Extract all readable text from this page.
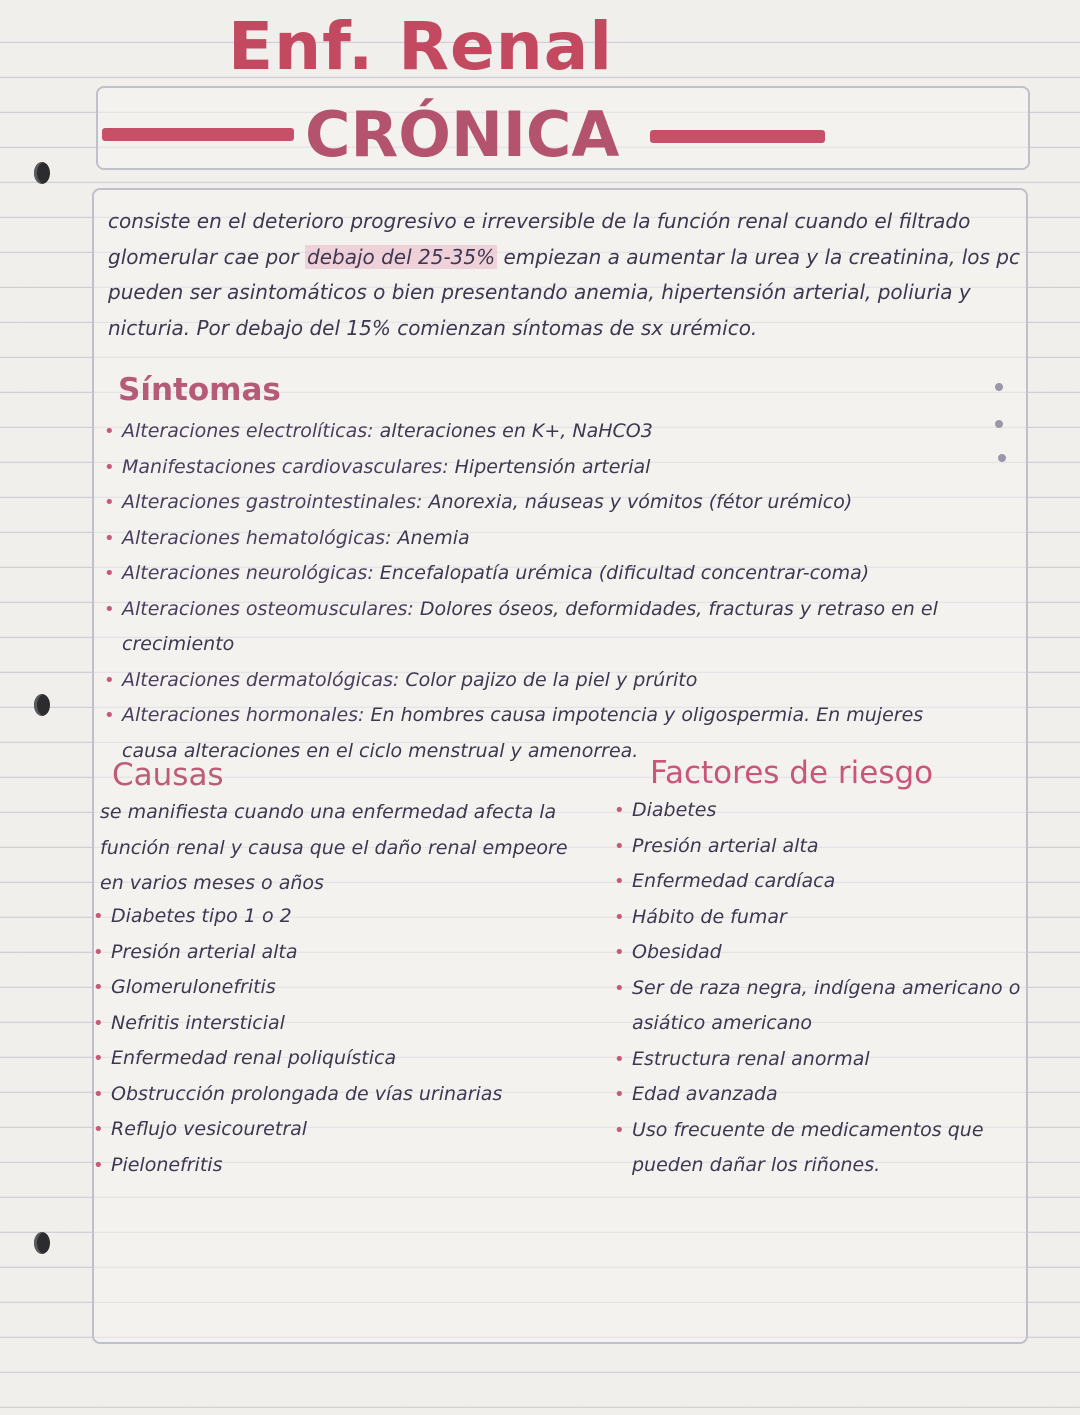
Enf. Renal
CRÓNICA

consiste en el deterioro progresivo e irreversible de la función renal cuando el filtrado glomerular cae por debajo del 25-35% empiezan a aumentar la urea y la creatinina, los pc pueden ser asintomáticos o bien presentando anemia, hipertensión arterial, poliuria y nicturia. Por debajo del 15% comienzan síntomas de sx urémico.

Síntomas
• Alteraciones electrolíticas: alteraciones en K+, NaHCO3
• Manifestaciones cardiovasculares: Hipertensión arterial
• Alteraciones gastrointestinales: Anorexia, náuseas y vómitos (fétor urémico)
• Alteraciones hematológicas: Anemia
• Alteraciones neurológicas: Encefalopatía urémica (dificultad concentrar-coma)
• Alteraciones osteomusculares: Dolores óseos, deformidades, fracturas y retraso en el crecimiento
• Alteraciones dermatológicas: Color pajizo de la piel y prúrito
• Alteraciones hormonales: En hombres causa impotencia y oligospermia. En mujeres causa alteraciones en el ciclo menstrual y amenorrea.
Causas

se manifiesta cuando una enfermedad afecta la función renal y causa que el daño renal empeore en varios meses o años

• Diabetes tipo 1 o 2
• Presión arterial alta
• Glomerulonefritis
• Nefritis intersticial
• Enfermedad renal poliquística
• Obstrucción prolongada de vías urinarias
• Reflujo vesicouretral
• Pielonefritis
Factores de riesgo
• Diabetes
• Presión arterial alta
• Enfermedad cardíaca
• Hábito de fumar
• Obesidad
• Ser de raza negra, indígena americano o asiático americano
• Estructura renal anormal
• Edad avanzada
• Uso frecuente de medicamentos que pueden dañar los riñones.
